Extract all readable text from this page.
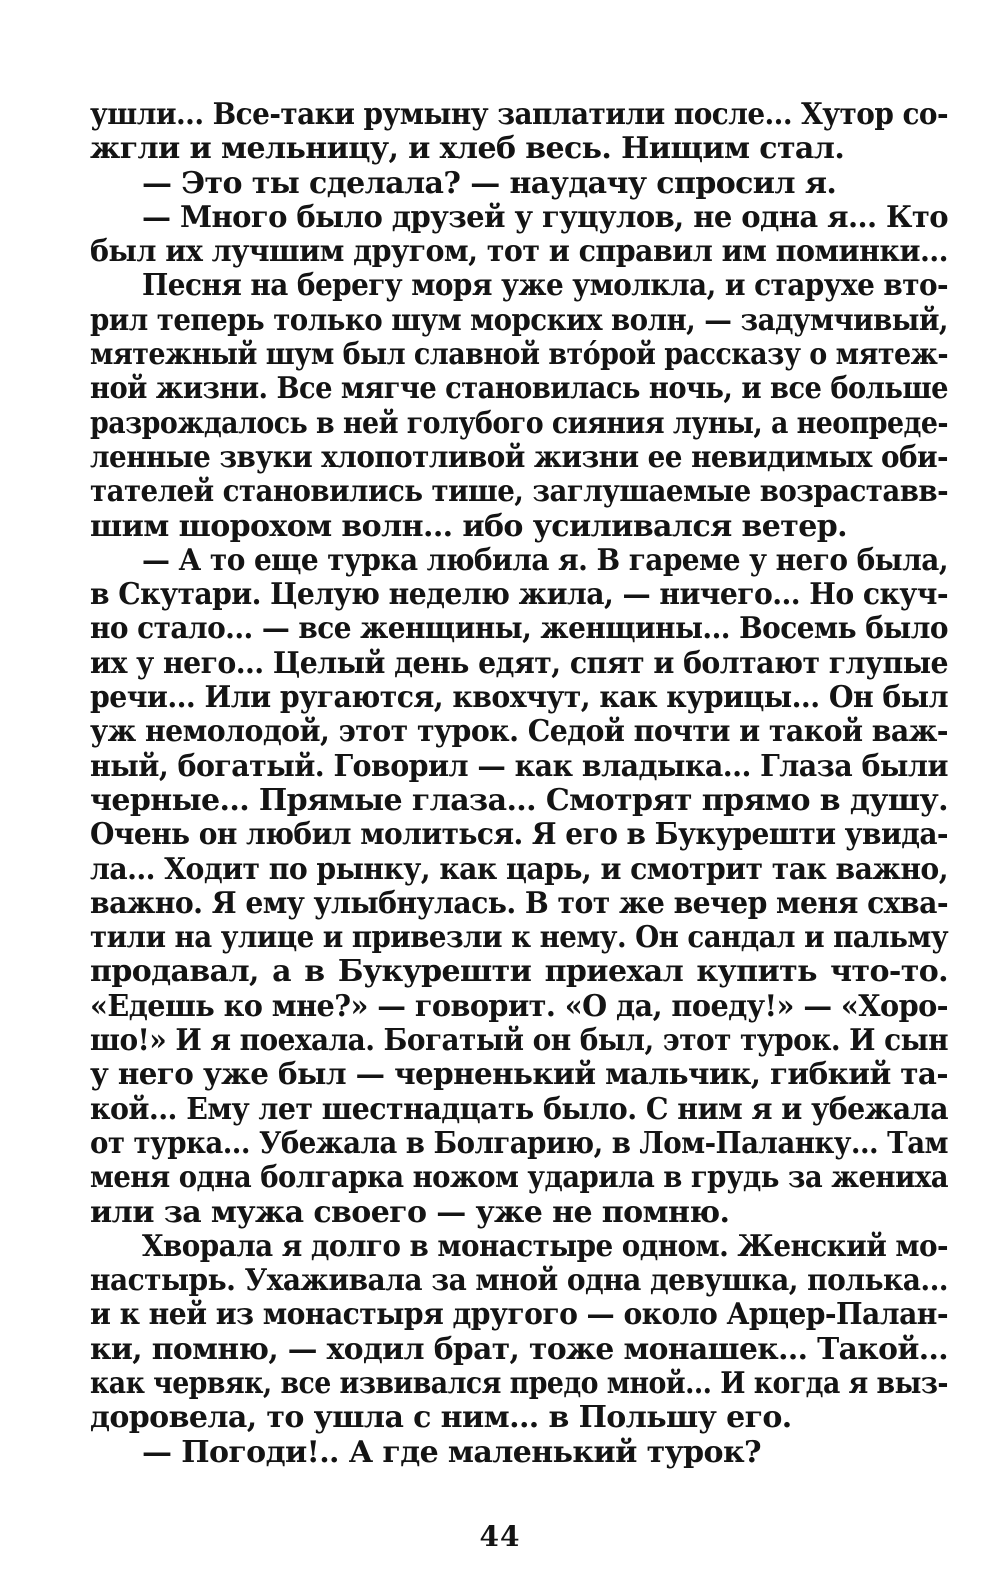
ушли... Все-таки румыну заплатили после... Хутор со-
жгли и мельницу, и хлеб весь. Нищим стал.
— Это ты сделала? — наудачу спросил я.
— Много было друзей у гуцулов, не одна я... Кто
был их лучшим другом, тот и справил им поминки...
Песня на берегу моря уже умолкла, и старухе вто-
рил теперь только шум морских волн, — задумчивый,
мятежный шум был славной вто́рой рассказу о мятеж-
ной жизни. Все мягче становилась ночь, и все больше
разрождалось в ней голубого сияния луны, а неопреде-
ленные звуки хлопотливой жизни ее невидимых оби-
тателей становились тише, заглушаемые возраставв-
шим шорохом волн... ибо усиливался ветер.
— А то еще турка любила я. В гареме у него была,
в Скутари. Целую неделю жила, — ничего... Но скуч-
но стало... — все женщины, женщины... Восемь было
их у него... Целый день едят, спят и болтают глупые
речи... Или ругаются, квохчут, как курицы... Он был
уж немолодой, этот турок. Седой почти и такой важ-
ный, богатый. Говорил — как владыка... Глаза были
черные... Прямые глаза... Смотрят прямо в душу.
Очень он любил молиться. Я его в Букурешти увида-
ла... Ходит по рынку, как царь, и смотрит так важно,
важно. Я ему улыбнулась. В тот же вечер меня схва-
тили на улице и привезли к нему. Он сандал и пальму
продавал, а в Букурешти приехал купить что-то.
«Едешь ко мне?» — говорит. «О да, поеду!» — «Хоро-
шо!» И я поехала. Богатый он был, этот турок. И сын
у него уже был — черненький мальчик, гибкий та-
кой... Ему лет шестнадцать было. С ним я и убежала
от турка... Убежала в Болгарию, в Лом-Паланку... Там
меня одна болгарка ножом ударила в грудь за жениха
или за мужа своего — уже не помню.
Хворала я долго в монастыре одном. Женский мо-
настырь. Ухаживала за мной одна девушка, полька...
и к ней из монастыря другого — около Арцер-Палан-
ки, помню, — ходил брат, тоже монашек... Такой...
как червяк, все извивался предо мной... И когда я выз-
доровела, то ушла с ним... в Польшу его.
— Погоди!.. А где маленький турок?
44
